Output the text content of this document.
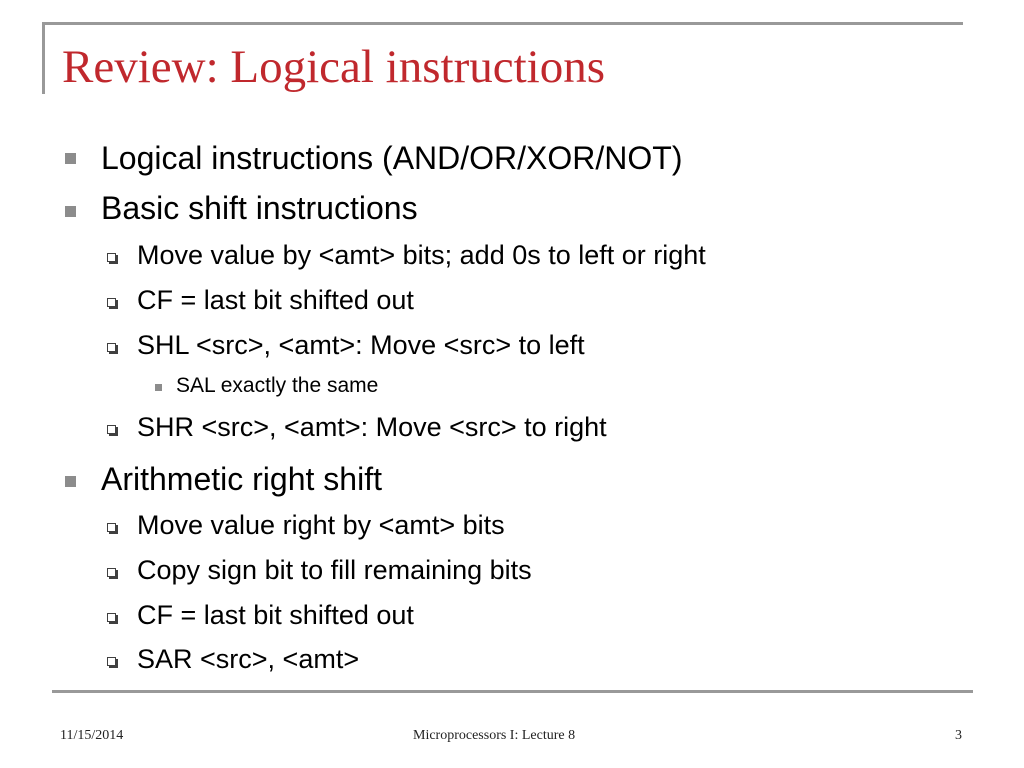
Review: Logical instructions
Logical instructions (AND/OR/XOR/NOT)
Basic shift instructions
Move value by <amt> bits; add 0s to left or right
CF = last bit shifted out
SHL <src>, <amt>: Move <src> to left
SAL exactly the same
SHR <src>, <amt>: Move <src> to right
Arithmetic right shift
Move value right by <amt> bits
Copy sign bit to fill remaining bits
CF = last bit shifted out
SAR <src>, <amt>
11/15/2014	Microprocessors I: Lecture 8	3
